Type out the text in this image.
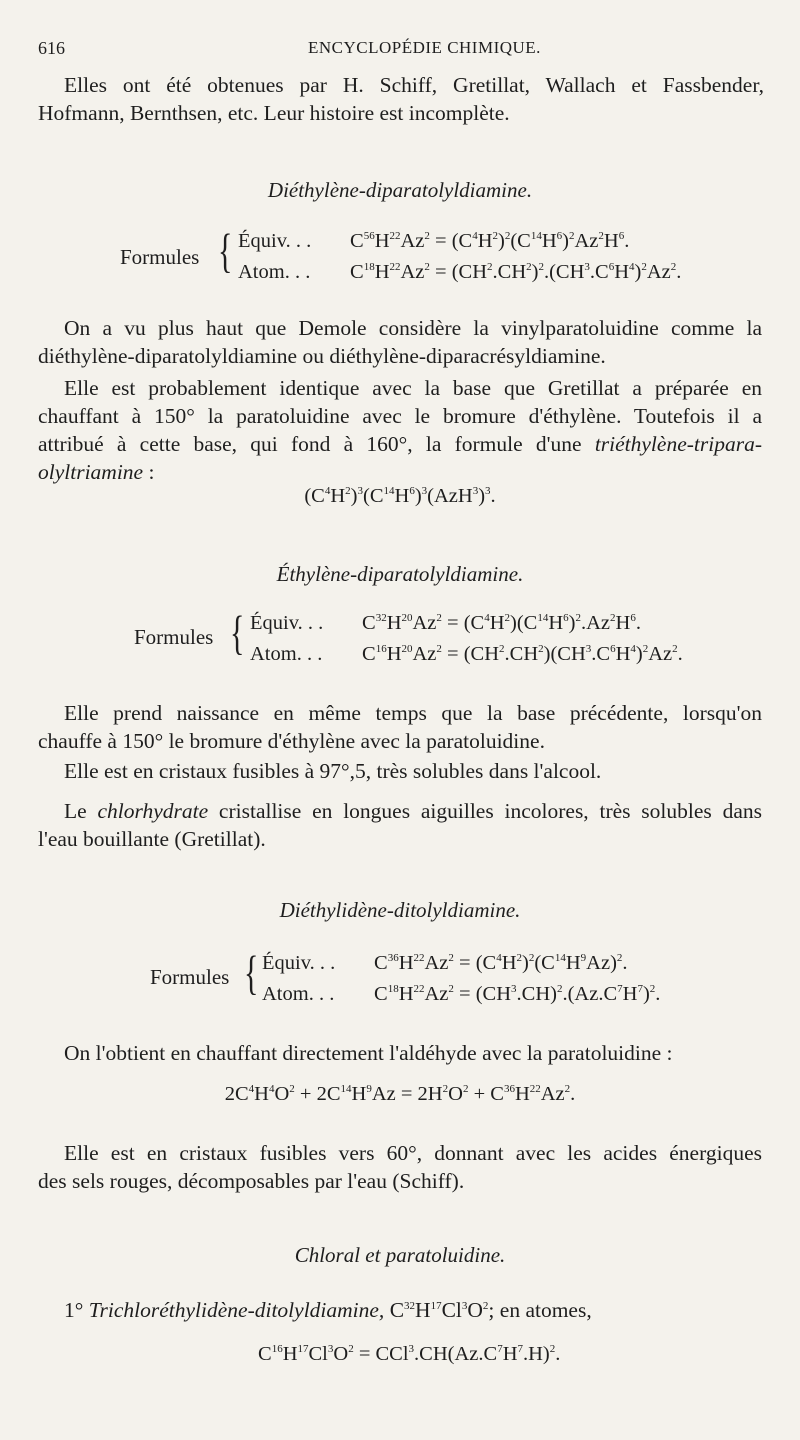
616	ENCYCLOPÉDIE CHIMIQUE.
Elles ont été obtenues par H. Schiff, Gretillat, Wallach et Fassbender,
Hofmann, Bernthsen, etc. Leur histoire est incomplète.
Diéthylène-diparatolyldiamine.
Formules { Équiv. . . $C^{56}H^{22}Az^2 = (C^4H^2)^2(C^{14}H^6)^2Az^2H^6$.
Atom. . . $C^{18}H^{22}Az^2 = (CH^2.CH^2)^2.(CH^3.C^6H^4)^2Az^2$.
On a vu plus haut que Demole considère la vinylparatoluidine comme la
diéthylène-diparatolyldiamine ou diéthylène-diparacrésyldiamine.
Elle est probablement identique avec la base que Gretillat a préparée en
chauffant à 150° la paratoluidine avec le bromure d'éthylène. Toutefois il a
attribué à cette base, qui fond à 160°, la formule d'une triéthylène-tripara-
olyltriamine :
$(C^4H^2)^3(C^{14}H^6)^3(AzH^3)^3$.
Éthylène-diparatolyldiamine.
Formules { Équiv. . . $C^{32}H^{20}Az^2 = (C^4H^2)(C^{14}H^6)^2.Az^2H^6$.
Atom. . . $C^{16}H^{20}Az^2 = (CH^2.CH^2)(CH^3.C^6H^4)^2Az^2$.
Elle prend naissance en même temps que la base précédente, lorsqu'on
chauffe à 150° le bromure d'éthylène avec la paratoluidine.
Elle est en cristaux fusibles à 97°,5, très solubles dans l'alcool.
Le chlorhydrate cristallise en longues aiguilles incolores, très solubles dans
l'eau bouillante (Gretillat).
Diéthylidène-ditolyldiamine.
Formules { Équiv. . . $C^{36}H^{22}Az^2 = (C^4H^2)^2(C^{14}H^9Az)^2$.
Atom. . . $C^{18}H^{22}Az^2 = (CH^3.CH)^2.(Az.C^7H^7)^2$.
On l'obtient en chauffant directement l'aldéhyde avec la paratoluidine :
$2C^4H^4O^2 + 2C^{14}H^9Az = 2H^2O^2 + C^{36}H^{22}Az^2$.
Elle est en cristaux fusibles vers 60°, donnant avec les acides énergiques
des sels rouges, décomposables par l'eau (Schiff).
Chloral et paratoluidine.
1° Trichloréthylidène-ditolyldiamine, $C^{32}H^{17}Cl^3O^2$; en atomes,
$C^{16}H^{17}Cl^3O^2 = CCl^3.CH(Az.C^7H^7.H)^2$.
